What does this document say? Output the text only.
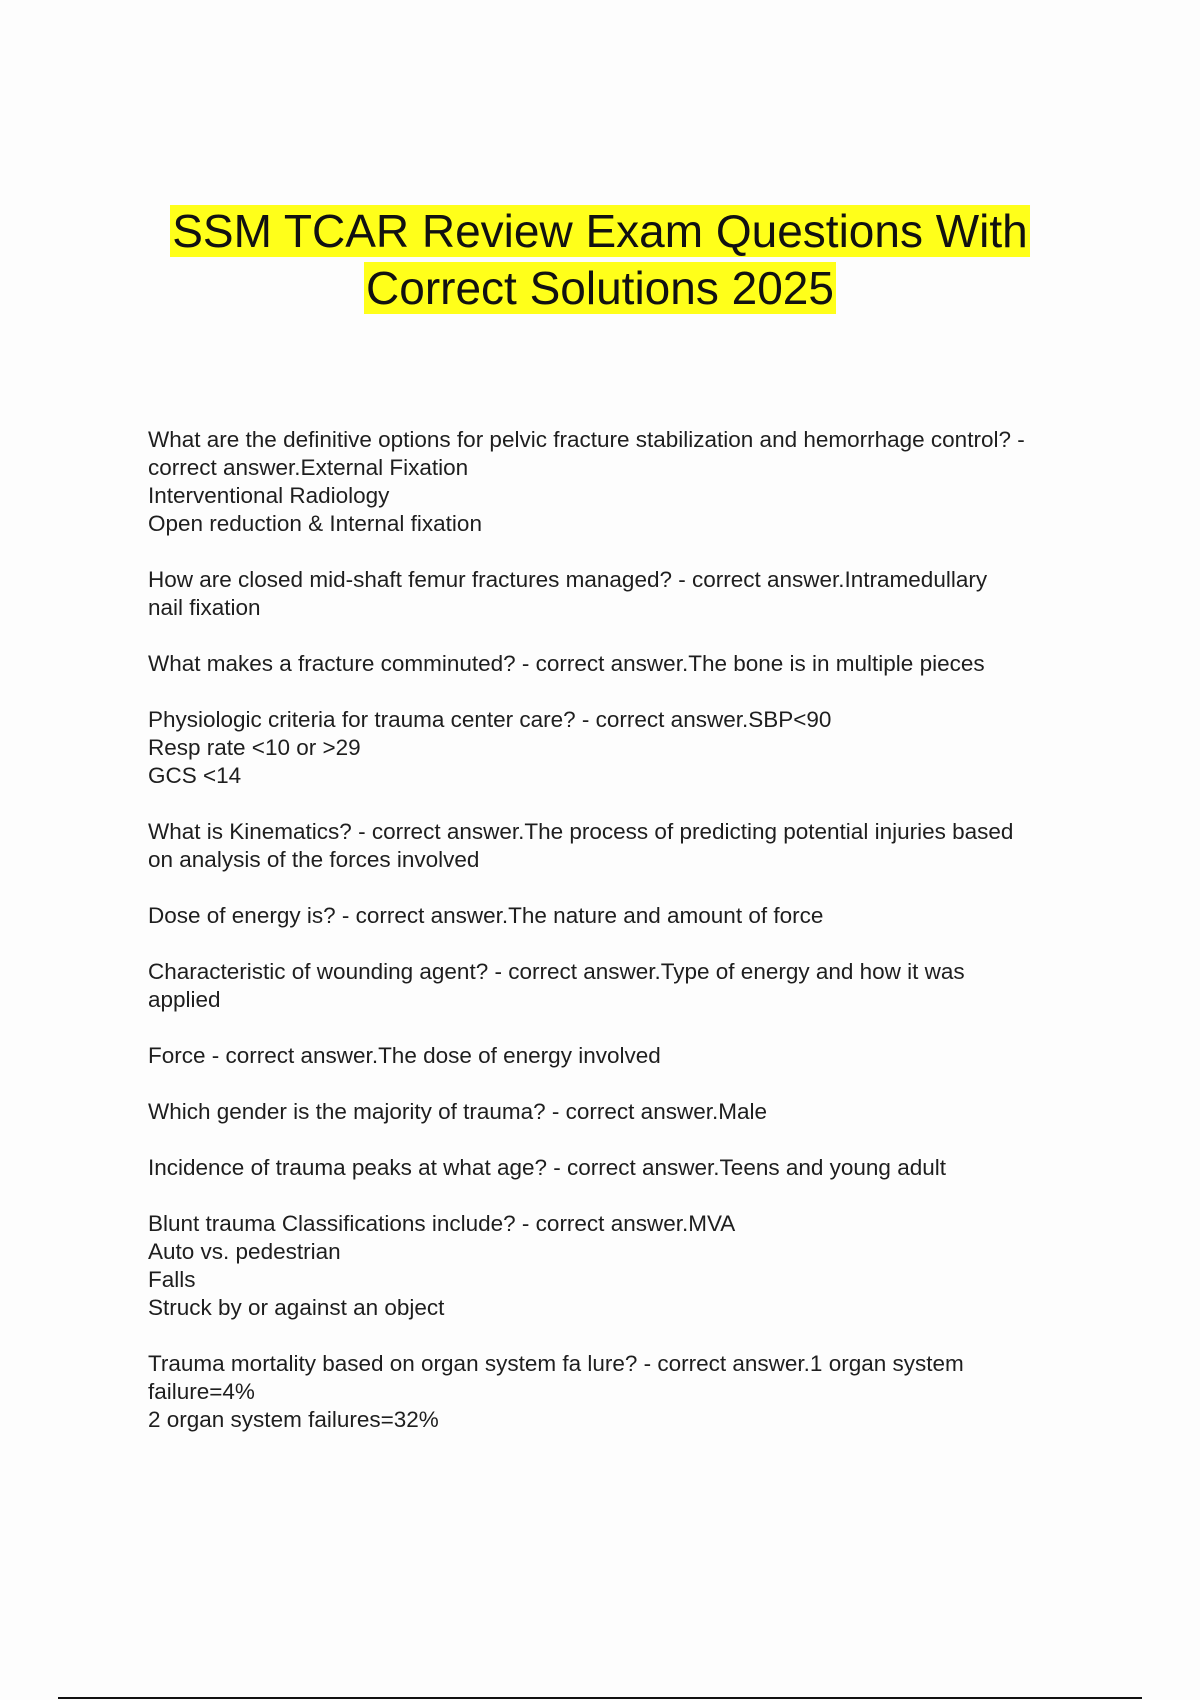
SSM TCAR Review Exam Questions With
Correct Solutions 2025
What are the definitive options for pelvic fracture stabilization and hemorrhage control? -
correct answer.External Fixation
Interventional Radiology
Open reduction & Internal fixation
How are closed mid-shaft femur fractures managed? - correct answer.Intramedullary
nail fixation
What makes a fracture comminuted? - correct answer.The bone is in multiple pieces
Physiologic criteria for trauma center care? - correct answer.SBP<90
Resp rate <10 or >29
GCS <14
What is Kinematics? - correct answer.The process of predicting potential injuries based
on analysis of the forces involved
Dose of energy is? - correct answer.The nature and amount of force
Characteristic of wounding agent? - correct answer.Type of energy and how it was
applied
Force - correct answer.The dose of energy involved
Which gender is the majority of trauma? - correct answer.Male
Incidence of trauma peaks at what age? - correct answer.Teens and young adult
Blunt trauma Classifications include? - correct answer.MVA
Auto vs. pedestrian
Falls
Struck by or against an object
Trauma mortality based on organ system fa lure? - correct answer.1 organ system
failure=4%
2 organ system failures=32%
